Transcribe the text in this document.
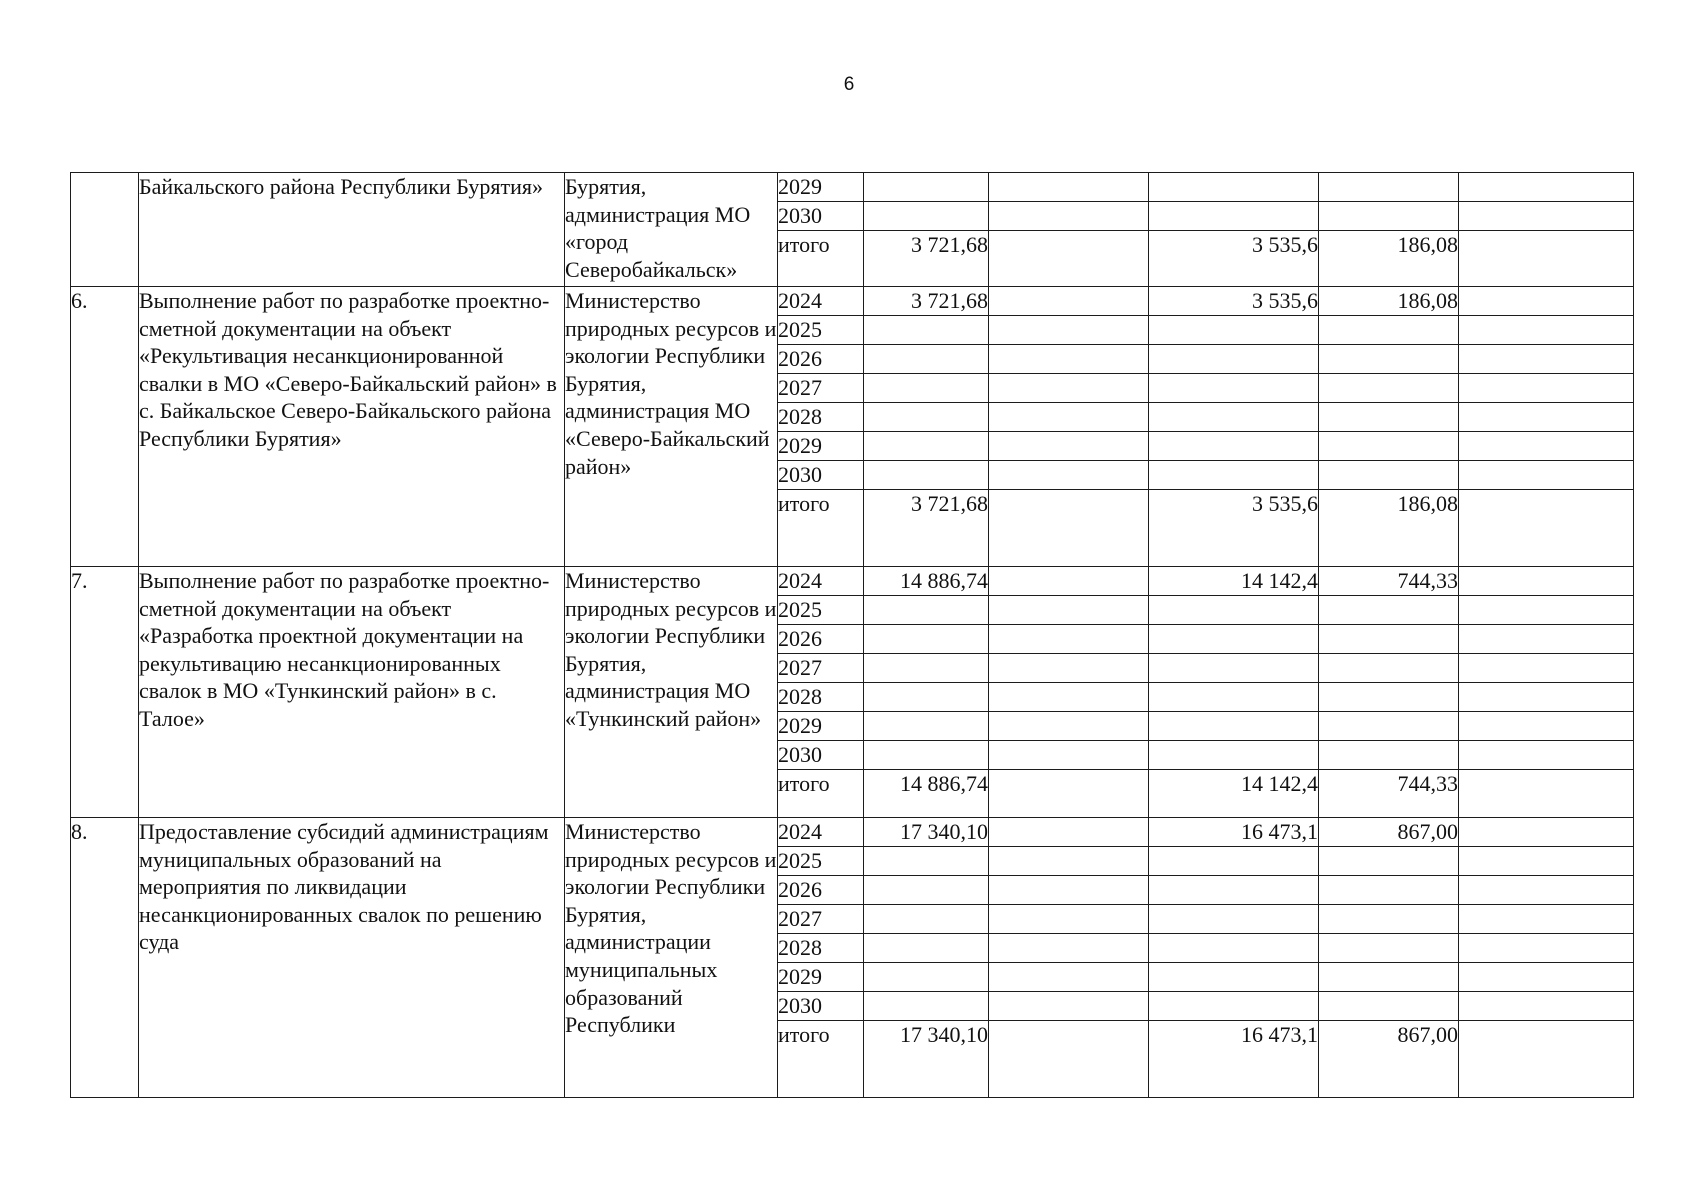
6
	Байкальского района Республики Бурятия»	Бурятия, администрация МО «город Северобайкальск»	2029					
			2030					
			итого	3 721,68		3 535,6	186,08	
6.	Выполнение работ по разработке проектно-сметной документации на объект «Рекультивация несанкционированной свалки в МО «Северо-Байкальский район» в с. Байкальское Северо-Байкальского района Республики Бурятия»	Министерство природных ресурсов и экологии Республики Бурятия, администрация МО «Северо-Байкальский район»	2024	3 721,68		3 535,6	186,08	
			2025					
			2026					
			2027					
			2028					
			2029					
			2030					
			итого	3 721,68		3 535,6	186,08	
7.	Выполнение работ по разработке проектно-сметной документации на объект «Разработка проектной документации на рекультивацию несанкционированных свалок в МО «Тункинский район» в с. Талое»	Министерство природных ресурсов и экологии Республики Бурятия, администрация МО «Тункинский район»	2024	14 886,74		14 142,4	744,33	
			2025					
			2026					
			2027					
			2028					
			2029					
			2030					
			итого	14 886,74		14 142,4	744,33	
8.	Предоставление субсидий администрациям муниципальных образований на мероприятия по ликвидации несанкционированных свалок по решению суда	Министерство природных ресурсов и экологии Республики Бурятия, администрации муниципальных образований Республики	2024	17 340,10		16 473,1	867,00	
			2025					
			2026					
			2027					
			2028					
			2029					
			2030					
			итого	17 340,10		16 473,1	867,00	
